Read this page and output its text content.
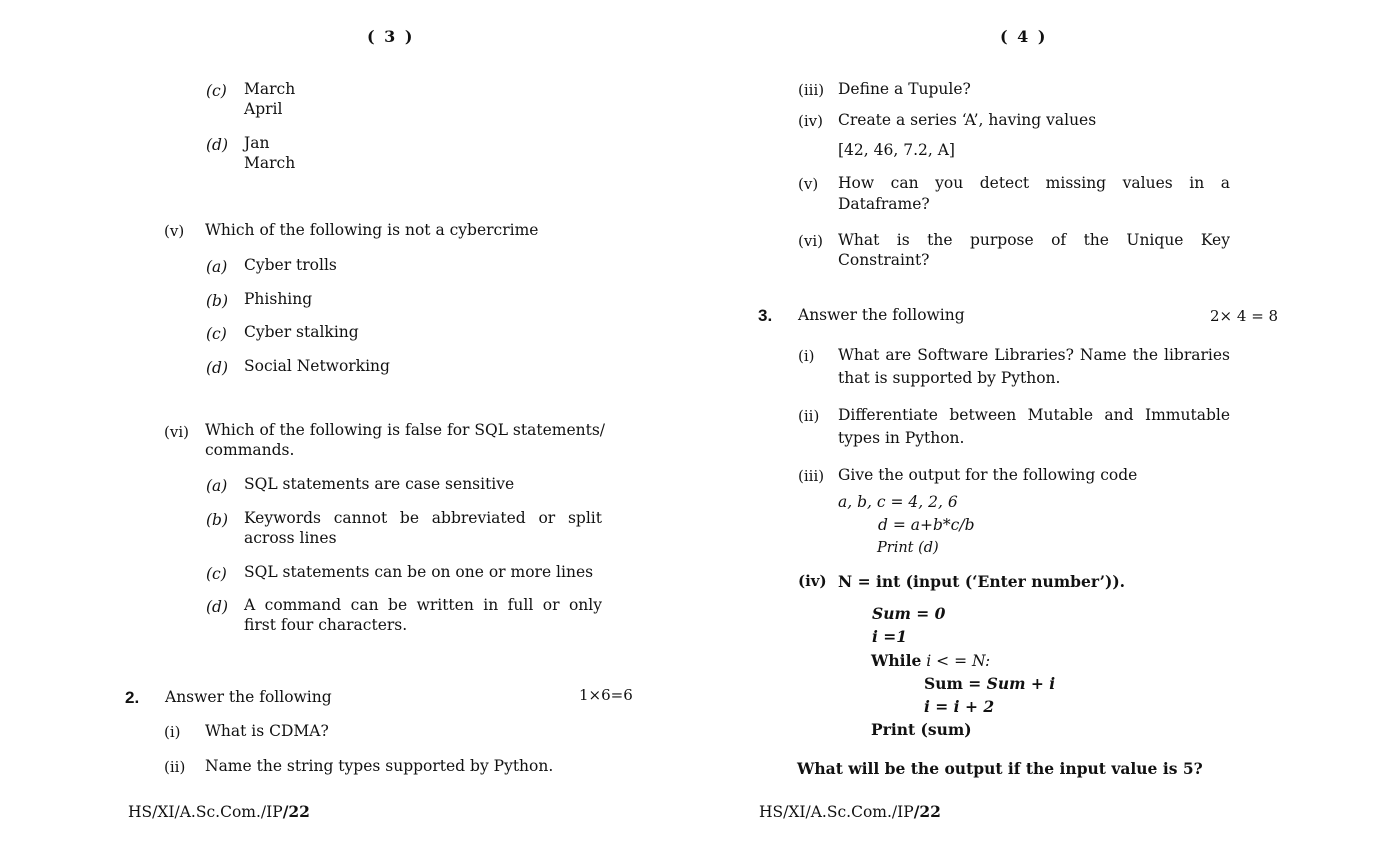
( 3 )
(c) March
April
(d) Jan
March
(v) Which of the following is not a cybercrime
(a) Cyber trolls
(b) Phishing
(c) Cyber stalking
(d) Social Networking
(vi) Which of the following is false for SQL statements/
commands.
(a) SQL statements are case sensitive
(b) Keywords cannot be abbreviated or split
across lines
(c) SQL statements can be on one or more lines
(d) A command can be written in full or only
first four characters.
2. Answer the following	1×6=6
(i) What is CDMA?
(ii) Name the string types supported by Python.
HS/XI/A.Sc.Com./IP/22
( 4 )
(iii) Define a Tupule?
(iv) Create a series ‘A’, having values
[42, 46, 7.2, A]
(v) How can you detect missing values in a
Dataframe?
(vi) What is the purpose of the Unique Key
Constraint?
3. Answer the following	2× 4 = 8
(i) What are Software Libraries? Name the libraries
that is supported by Python.
(ii) Differentiate between Mutable and Immutable
types in Python.
(iii) Give the output for the following code
a, b, c = 4, 2, 6
d = a+b*c/b
Print (d)
(iv) N = int (input (‘Enter number’)).
Sum = 0
i =1
While i < = N:
Sum = Sum + i
i = i + 2
Print (sum)
What will be the output if the input value is 5?
HS/XI/A.Sc.Com./IP/22
